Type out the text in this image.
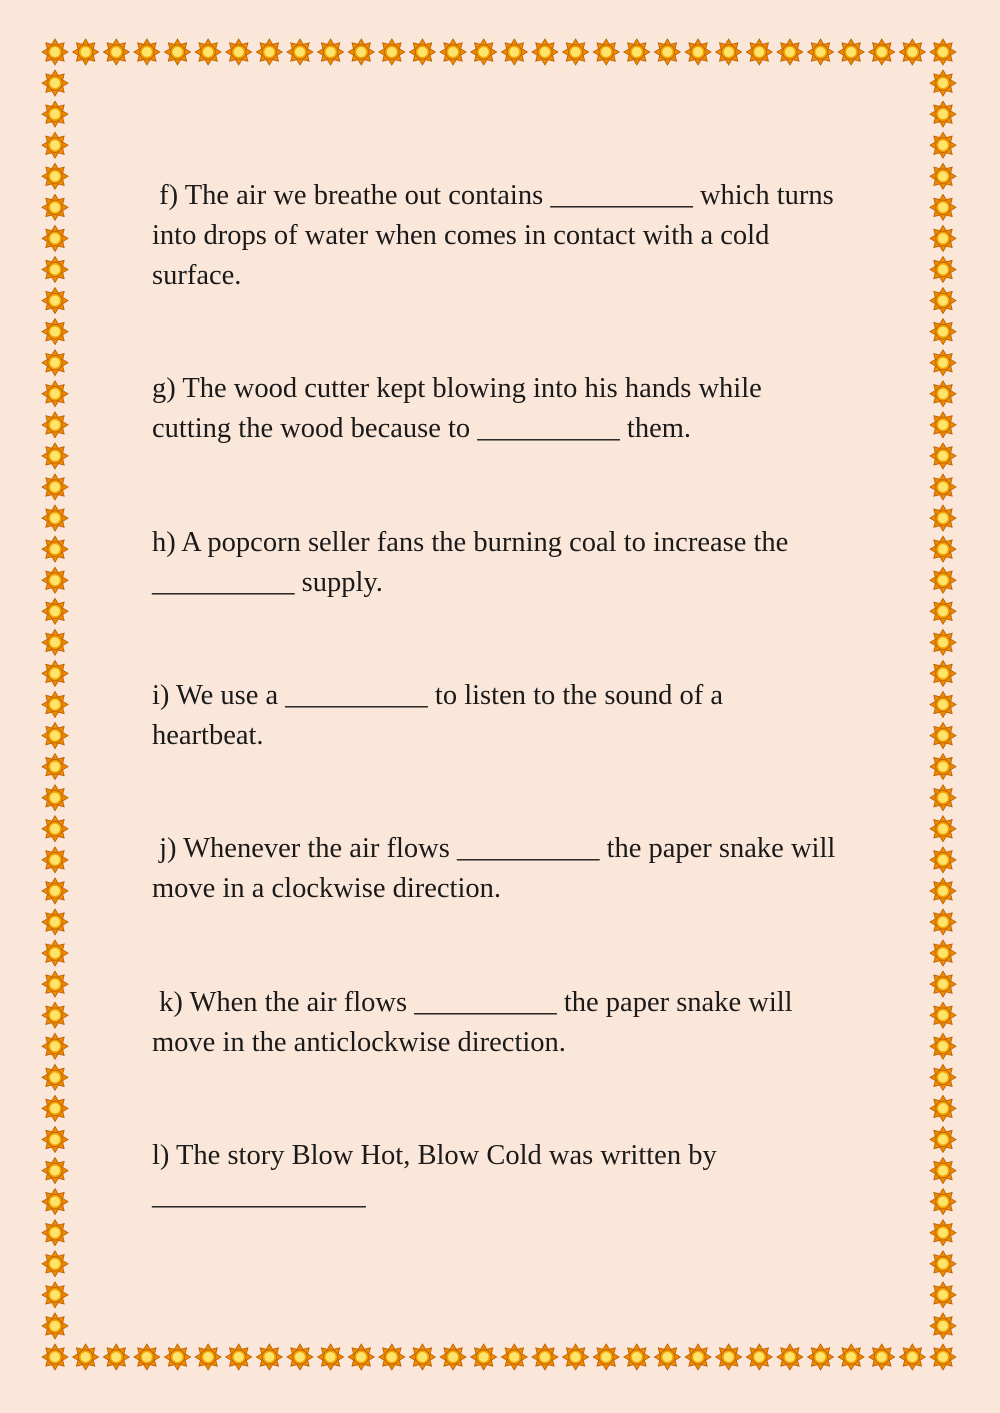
f) The air we breathe out contains __________ which turns
into drops of water when comes in contact with a cold
surface.

g) The wood cutter kept blowing into his hands while
cutting the wood because to __________ them.

h) A popcorn seller fans the burning coal to increase the
__________ supply.

i) We use a __________ to listen to the sound of a
heartbeat.

j) Whenever the air flows __________ the paper snake will
move in a clockwise direction.

k) When the air flows __________ the paper snake will
move in the anticlockwise direction.

l) The story Blow Hot, Blow Cold was written by
_______________
